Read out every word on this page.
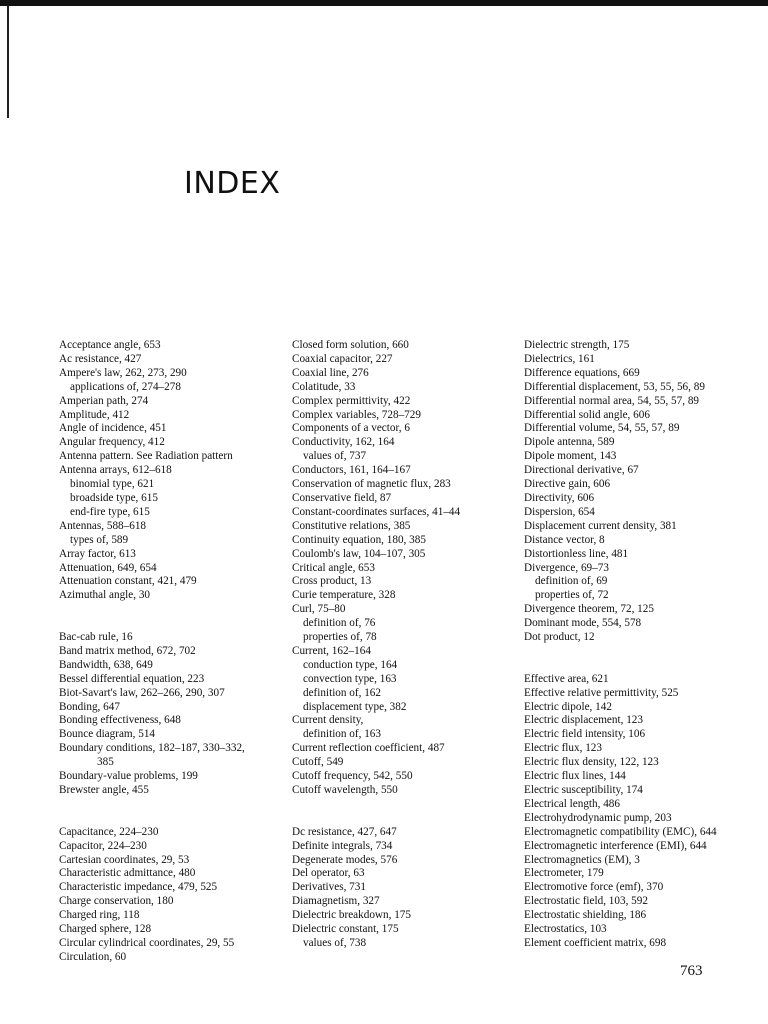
INDEX
Acceptance angle, 653
Ac resistance, 427
Ampere's law, 262, 273, 290
applications of, 274–278
Amperian path, 274
Amplitude, 412
Angle of incidence, 451
Angular frequency, 412
Antenna pattern. See Radiation pattern
Antenna arrays, 612–618
binomial type, 621
broadside type, 615
end-fire type, 615
Antennas, 588–618
types of, 589
Array factor, 613
Attenuation, 649, 654
Attenuation constant, 421, 479
Azimuthal angle, 30
Bac-cab rule, 16
Band matrix method, 672, 702
Bandwidth, 638, 649
Bessel differential equation, 223
Biot-Savart's law, 262–266, 290, 307
Bonding, 647
Bonding effectiveness, 648
Bounce diagram, 514
Boundary conditions, 182–187, 330–332,
385
Boundary-value problems, 199
Brewster angle, 455
Capacitance, 224–230
Capacitor, 224–230
Cartesian coordinates, 29, 53
Characteristic admittance, 480
Characteristic impedance, 479, 525
Charge conservation, 180
Charged ring, 118
Charged sphere, 128
Circular cylindrical coordinates, 29, 55
Circulation, 60
Closed form solution, 660
Coaxial capacitor, 227
Coaxial line, 276
Colatitude, 33
Complex permittivity, 422
Complex variables, 728–729
Components of a vector, 6
Conductivity, 162, 164
values of, 737
Conductors, 161, 164–167
Conservation of magnetic flux, 283
Conservative field, 87
Constant-coordinates surfaces, 41–44
Constitutive relations, 385
Continuity equation, 180, 385
Coulomb's law, 104–107, 305
Critical angle, 653
Cross product, 13
Curie temperature, 328
Curl, 75–80
definition of, 76
properties of, 78
Current, 162–164
conduction type, 164
convection type, 163
definition of, 162
displacement type, 382
Current density,
definition of, 163
Current reflection coefficient, 487
Cutoff, 549
Cutoff frequency, 542, 550
Cutoff wavelength, 550
Dc resistance, 427, 647
Definite integrals, 734
Degenerate modes, 576
Del operator, 63
Derivatives, 731
Diamagnetism, 327
Dielectric breakdown, 175
Dielectric constant, 175
values of, 738
Dielectric strength, 175
Dielectrics, 161
Difference equations, 669
Differential displacement, 53, 55, 56, 89
Differential normal area, 54, 55, 57, 89
Differential solid angle, 606
Differential volume, 54, 55, 57, 89
Dipole antenna, 589
Dipole moment, 143
Directional derivative, 67
Directive gain, 606
Directivity, 606
Dispersion, 654
Displacement current density, 381
Distance vector, 8
Distortionless line, 481
Divergence, 69–73
definition of, 69
properties of, 72
Divergence theorem, 72, 125
Dominant mode, 554, 578
Dot product, 12
Effective area, 621
Effective relative permittivity, 525
Electric dipole, 142
Electric displacement, 123
Electric field intensity, 106
Electric flux, 123
Electric flux density, 122, 123
Electric flux lines, 144
Electric susceptibility, 174
Electrical length, 486
Electrohydrodynamic pump, 203
Electromagnetic compatibility (EMC), 644
Electromagnetic interference (EMI), 644
Electromagnetics (EM), 3
Electrometer, 179
Electromotive force (emf), 370
Electrostatic field, 103, 592
Electrostatic shielding, 186
Electrostatics, 103
Element coefficient matrix, 698
763
